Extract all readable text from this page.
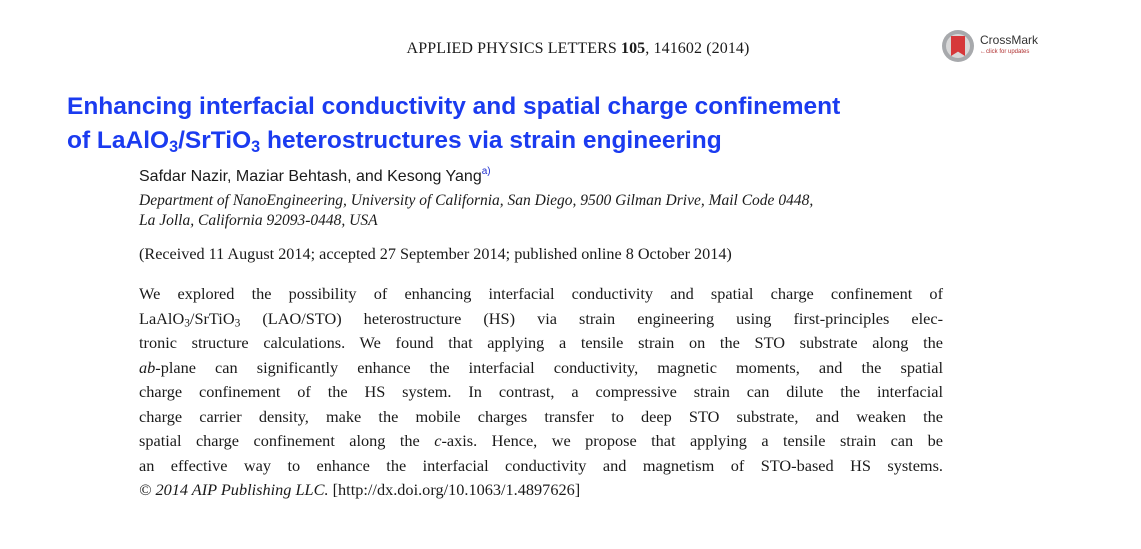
APPLIED PHYSICS LETTERS 105, 141602 (2014)	CrossMark
←click for updates
Enhancing interfacial conductivity and spatial charge confinement
of LaAlO$_3$/SrTiO$_3$ heterostructures via strain engineering
Safdar Nazir, Maziar Behtash, and Kesong Yang$^{a)}$
Department of NanoEngineering, University of California, San Diego, 9500 Gilman Drive, Mail Code 0448,
La Jolla, California 92093-0448, USA
(Received 11 August 2014; accepted 27 September 2014; published online 8 October 2014)

We explored the possibility of enhancing interfacial conductivity and spatial charge confinement of
LaAlO$_3$/SrTiO$_3$ (LAO/STO) heterostructure (HS) via strain engineering using first-principles elec-
tronic structure calculations. We found that applying a tensile strain on the STO substrate along the
ab-plane can significantly enhance the interfacial conductivity, magnetic moments, and the spatial
charge confinement of the HS system. In contrast, a compressive strain can dilute the interfacial
charge carrier density, make the mobile charges transfer to deep STO substrate, and weaken the
spatial charge confinement along the c-axis. Hence, we propose that applying a tensile strain can be
an effective way to enhance the interfacial conductivity and magnetism of STO-based HS systems.
© 2014 AIP Publishing LLC. [http://dx.doi.org/10.1063/1.4897626]
